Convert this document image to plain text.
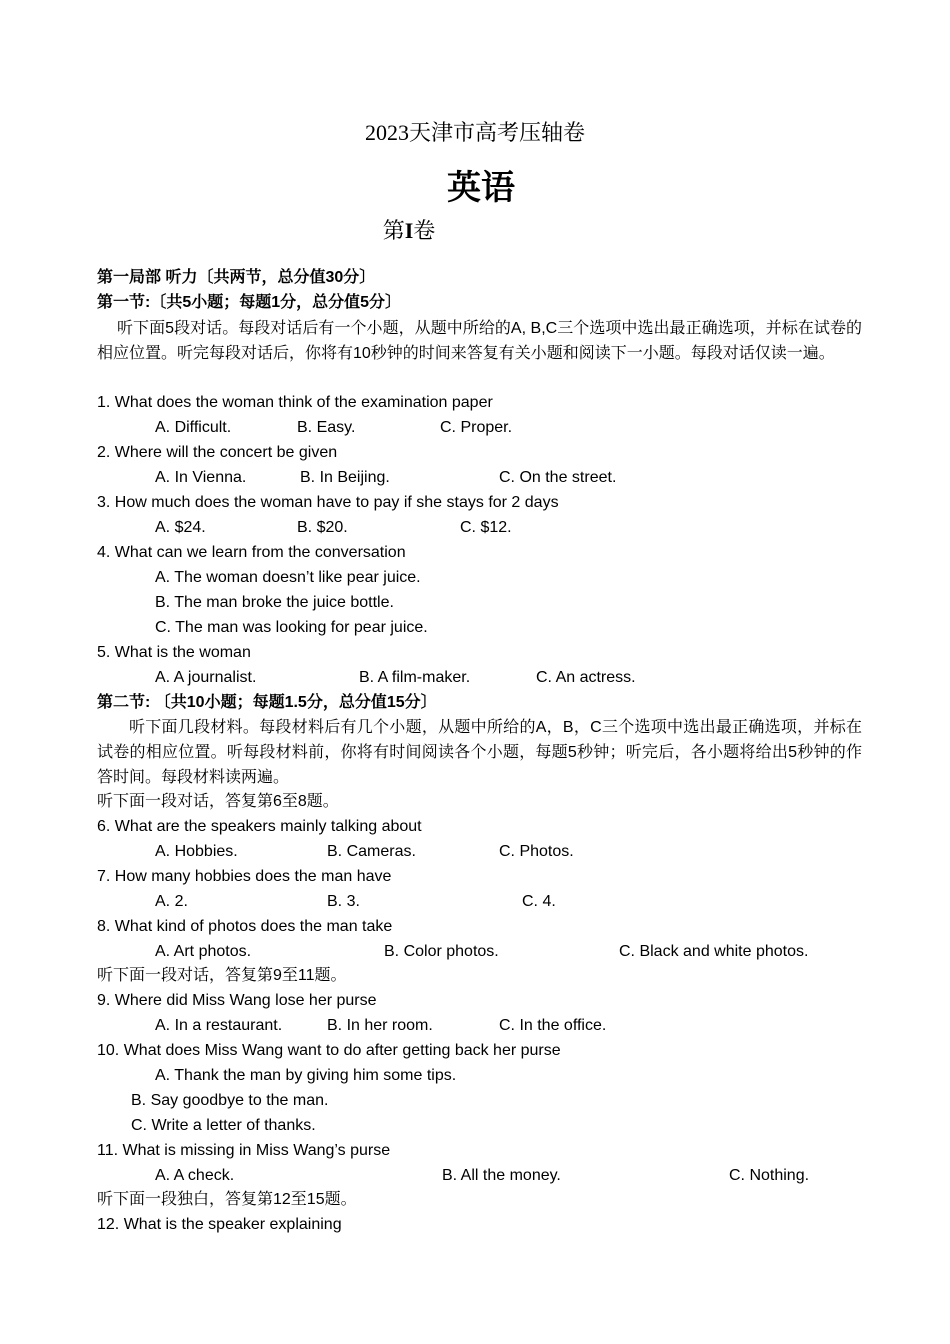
2023天津市高考压轴卷
英语
第I卷
第一局部 听力〔共两节，总分值30分〕
第一节:〔共5小题；每题1分，总分值5分〕
听下面5段对话。每段对话后有一个小题，从题中所给的A, B,C三个选项中选出最正确选项，并标在试卷的相应位置。听完每段对话后，你将有10秒钟的时间来答复有关小题和阅读下一小题。每段对话仅读一遍。
1. What does the woman think of the examination paper
A. Difficult.	B. Easy.	C. Proper.
2. Where will the concert be given
A. In Vienna.	B. In Beijing.	C. On the street.
3. How much does the woman have to pay if she stays for 2 days
A. $24.	B. $20.	C. $12.
4. What can we learn from the conversation
A. The woman doesn’t like pear juice.
B. The man broke the juice bottle.
C. The man was looking for pear juice.
5. What is the woman
A. A journalist.	B. A film-maker.	C. An actress.
第二节: 〔共10小题；每题1.5分，总分值15分〕
听下面几段材料。每段材料后有几个小题，从题中所给的A，B，C三个选项中选出最正确选项，并标在试卷的相应位置。听每段材料前，你将有时间阅读各个小题，每题5秒钟；听完后，各小题将给出5秒钟的作答时间。每段材料读两遍。
听下面一段对话，答复第6至8题。
6. What are the speakers mainly talking about
A. Hobbies.	B. Cameras.	C. Photos.
7. How many hobbies does the man have
A. 2.	B. 3.	C. 4.
8. What kind of photos does the man take
A. Art photos.	B. Color photos.	C. Black and white photos.
听下面一段对话，答复第9至11题。
9. Where did Miss Wang lose her purse
A. In a restaurant.	B. In her room.	C. In the office.
10. What does Miss Wang want to do after getting back her purse
A. Thank the man by giving him some tips.
B. Say goodbye to the man.
C. Write a letter of thanks.
11. What is missing in Miss Wang’s purse
A. A check.	B. All the money.	C. Nothing.
听下面一段独白，答复第12至15题。
12. What is the speaker explaining
